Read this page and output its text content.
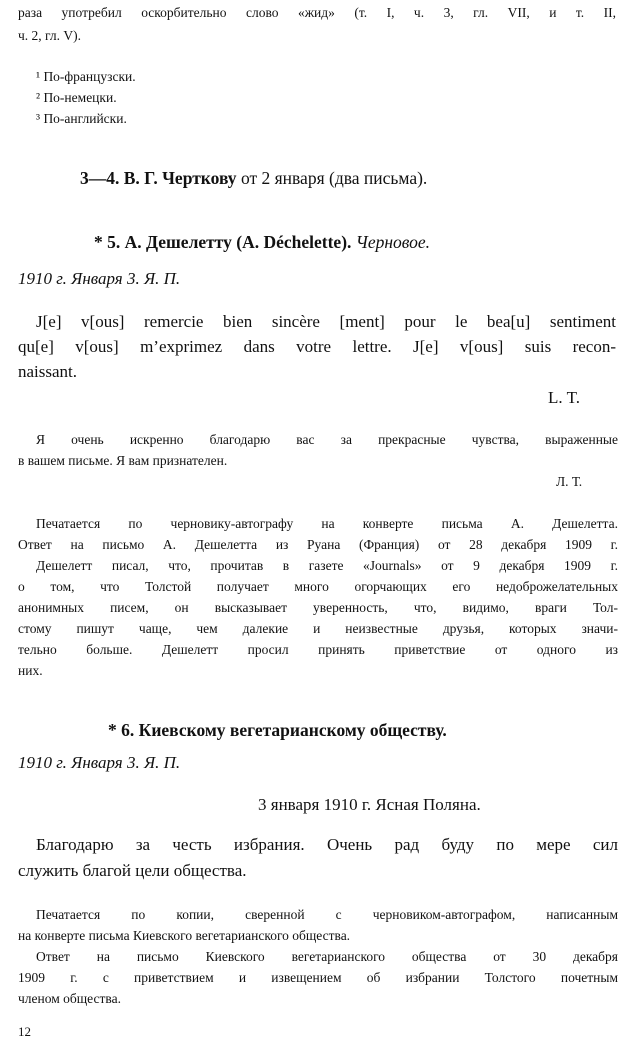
раза употребил оскорбительно слово «жид» (т. I, ч. 3, гл. VII, и т. II,
ч. 2, гл. V).
¹ По-французски.
² По-немецки.
³ По-английски.
3—4. В. Г. Черткову от 2 января (два письма).
* 5. А. Дешелетту (A. Déchelette). Черновое.
1910 г. Января 3. Я. П.
J[e] v[ous] remercie bien sincère [ment] pour le bea[u] sentiment
qu[e] v[ous] m’exprimez dans votre lettre. J[e] v[ous] suis recon-
naissant.
L. T.
Я очень искренно благодарю вас за прекрасные чувства, выраженные
в вашем письме. Я вам признателен.
Л. Т.
Печатается по черновику-автографу на конверте письма А. Дешелетта.
Ответ на письмо А. Дешелетта из Руана (Франция) от 28 декабря 1909 г.
Дешелетт писал, что, прочитав в газете «Journals» от 9 декабря 1909 г.
о том, что Толстой получает много огорчающих его недоброжелательных
анонимных писем, он высказывает уверенность, что, видимо, враги Тол-
стому пишут чаще, чем далекие и неизвестные друзья, которых значи-
тельно больше. Дешелетт просил принять приветствие от одного из
них.
* 6. Киевскому вегетарианскому обществу.
1910 г. Января 3. Я. П.
3 января 1910 г. Ясная Поляна.
Благодарю за честь избрания. Очень рад буду по мере сил
служить благой цели общества.
Печатается по копии, сверенной с черновиком-автографом, написанным
на конверте письма Киевского вегетарианского общества.
Ответ на письмо Киевского вегетарианского общества от 30 декабря
1909 г. с приветствием и извещением об избрании Толстого почетным
членом общества.
12
